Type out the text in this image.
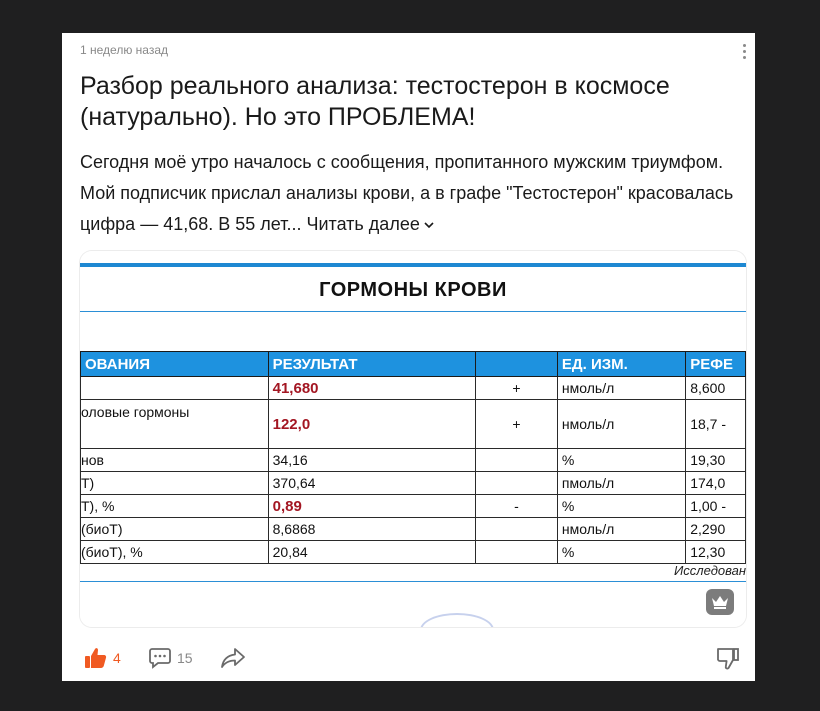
1 неделю назад
Разбор реального анализа: тестостерон в космосе (натурально). Но это ПРОБЛЕМА!
Сегодня моё утро началось с сообщения, пропитанного мужским триумфом. Мой подписчик прислал анализы крови, а в графе "Тестостерон" красовалась цифра — 41,68. В 55 лет... Читать далее
ГОРМОНЫ КРОВИ
ОВАНИЯ	РЕЗУЛЬТАТ		ЕД. ИЗМ.	РЕФЕ
	41,680	+	нмоль/л	8,600
оловые гормоны	122,0	+	нмоль/л	18,7 -
нов	34,16		%	19,30
Т)	370,64		пмоль/л	174,0
Т), %	0,89	-	%	1,00 -
(биоТ)	8,6868		нмоль/л	2,290
(биоТ), %	20,84		%	12,30
Исследован
4	15
